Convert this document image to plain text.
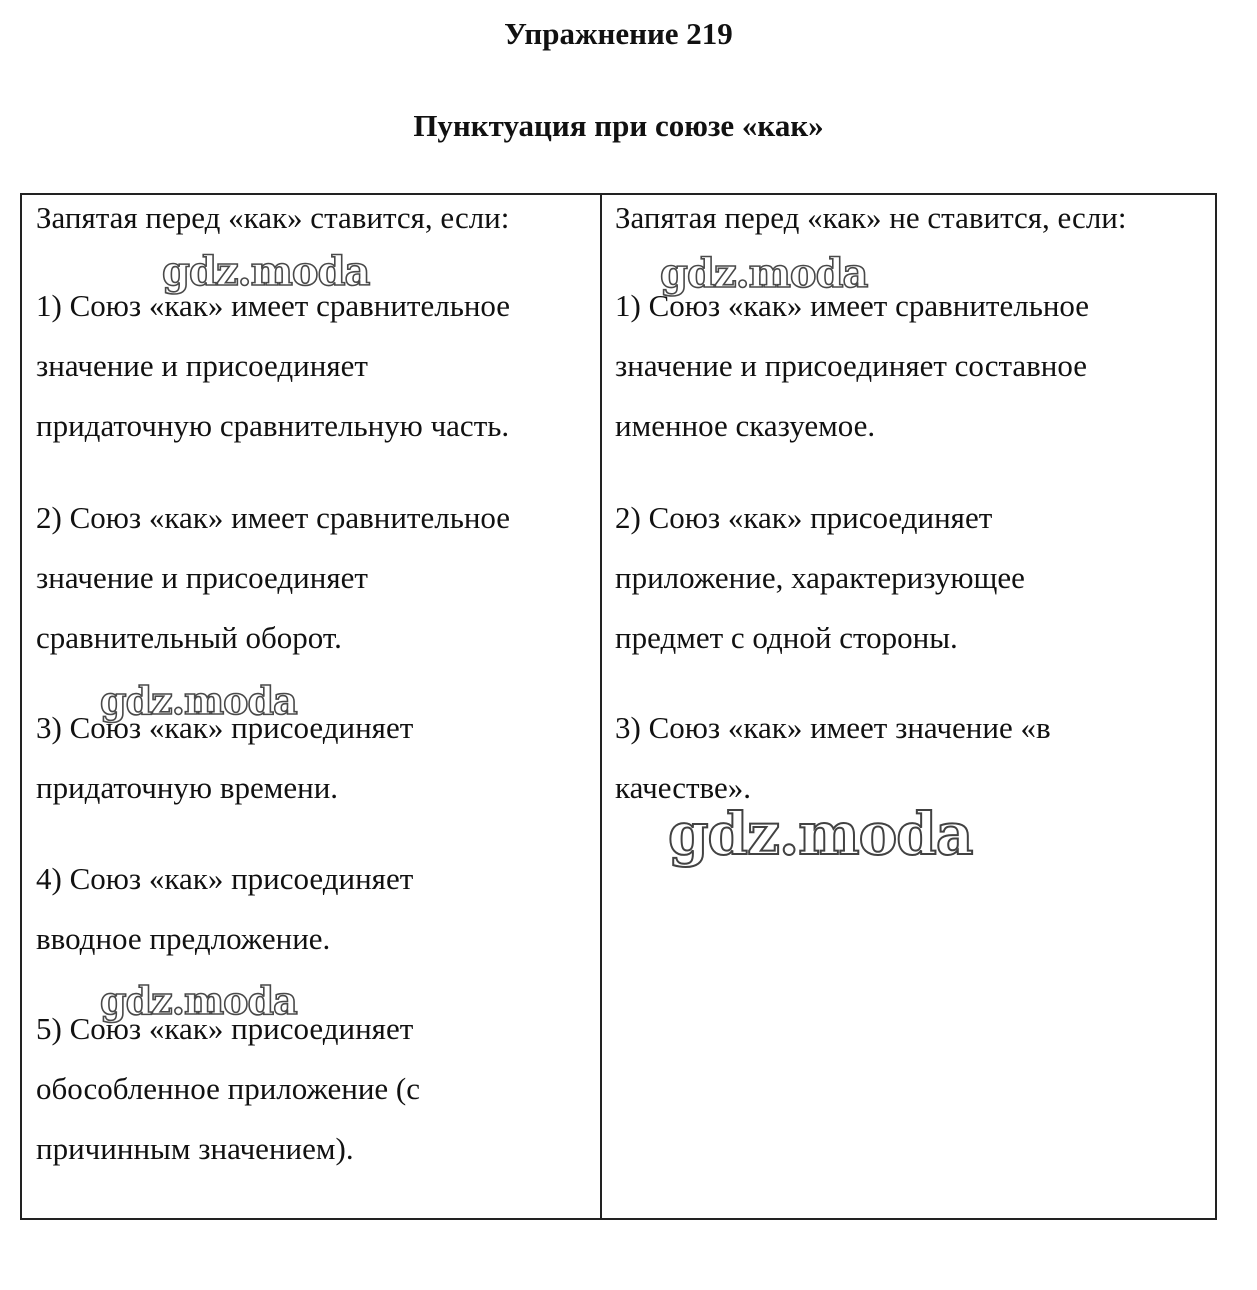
Упражнение 219
Пунктуация при союзе «как»
Запятая перед «как» ставится, если:
1) Союз «как» имеет сравнительное
значение и присоединяет
придаточную сравнительную часть.
2) Союз «как» имеет сравнительное
значение и присоединяет
сравнительный оборот.
3) Союз «как» присоединяет
придаточную времени.
4) Союз «как» присоединяет
вводное предложение.
5) Союз «как» присоединяет
обособленное приложение (с
причинным значением).
Запятая перед «как» не ставится, если:
1) Союз «как» имеет сравнительное
значение и присоединяет составное
именное сказуемое.
2) Союз «как» присоединяет
приложение, характеризующее
предмет с одной стороны.
3) Союз «как» имеет значение «в
качестве».
gdz.moda	gdz.moda
gdz.moda
gdz.moda
gdz.moda
